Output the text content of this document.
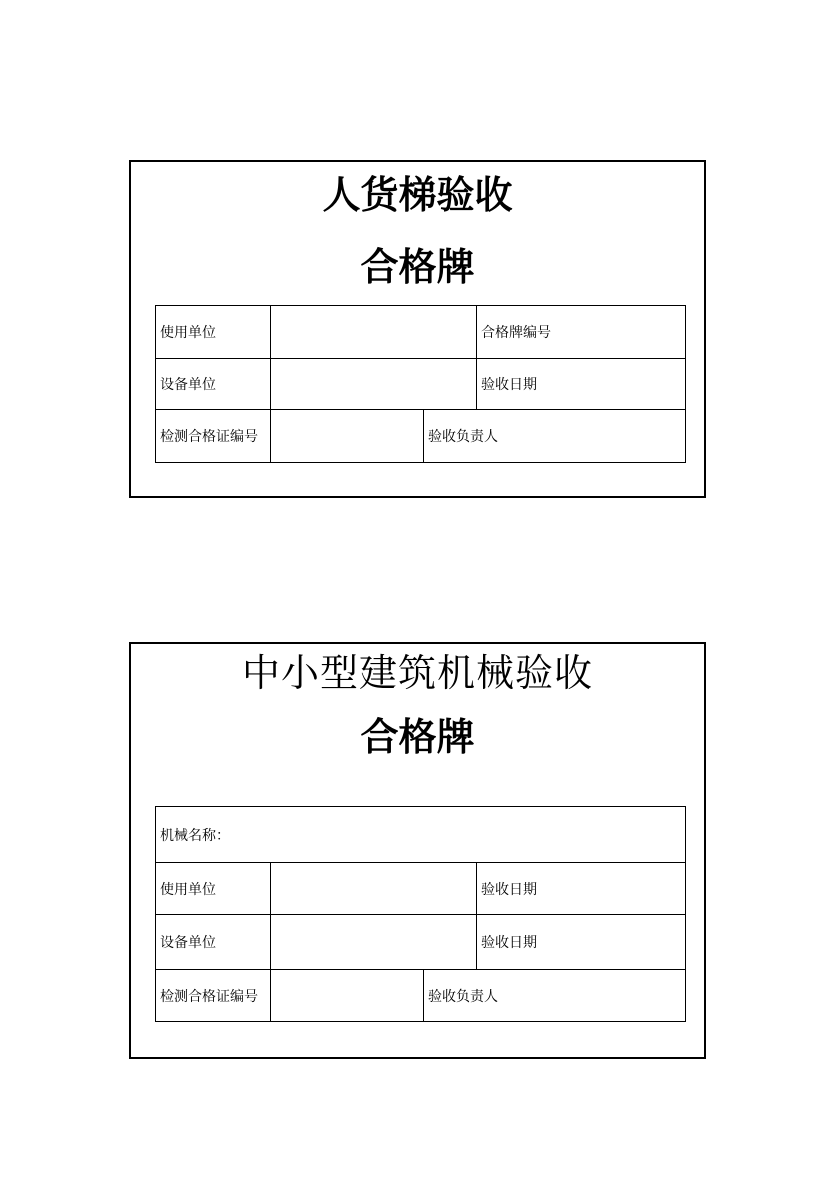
人货梯验收
合格牌
使用单位	合格牌编号
设备单位	验收日期
检测合格证编号	验收负责人
中小型建筑机械验收
合格牌
机械名称：
使用单位	验收日期
设备单位	验收日期
检测合格证编号	验收负责人
